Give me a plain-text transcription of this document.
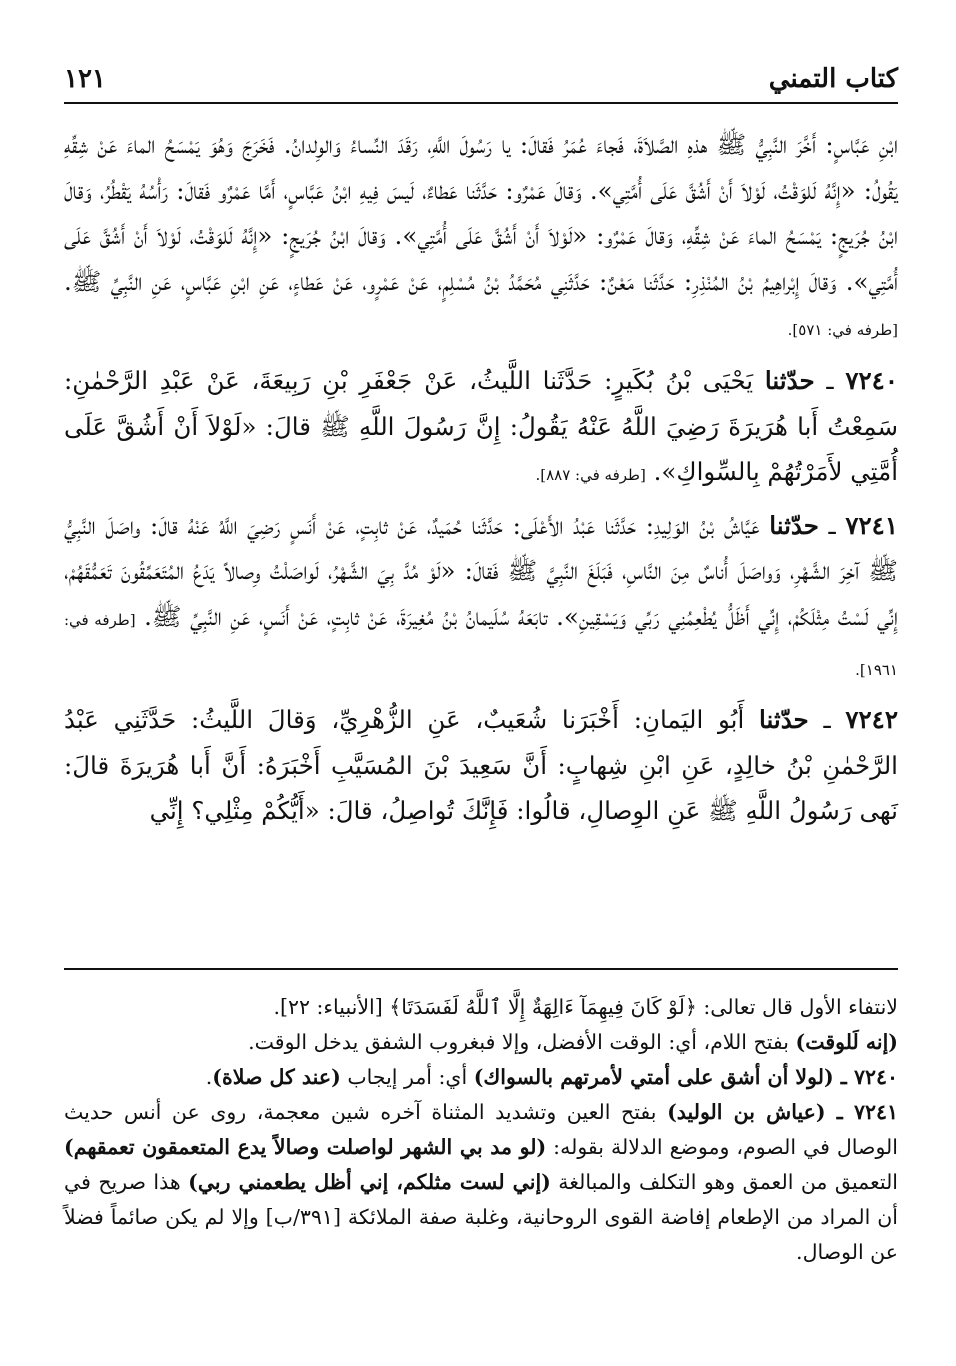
كتاب التمني
١٢١

ابْنِ عَبَّاسٍ: أَخَّرَ النَّبِيُّ ﷺ هذهِ الصَّلاَةَ، فَجاءَ عُمَرُ فَقالَ: يا رَسُولَ اللَّهِ، رَقَدَ النِّساءُ وَالوِلدانُ. فَخَرَجَ وَهُوَ يَمْسَحُ الماءَ عَنْ شِقِّهِ يَقُولُ: «إِنَّهُ لَلوَقْتُ، لَوْلاَ أَنْ أَشُقَّ عَلَى أُمَّتِي». وَقالَ عَمْرٌو: حَدَّثَنا عَطاءٌ، لَيسَ فِيهِ ابْنُ عَبَّاسٍ، أَمَّا عَمْرٌو فَقالَ: رَأْسُهُ يَقْطُرُ، وَقالَ ابْنُ جُرَيجٍ: يَمْسَحُ الماءَ عَنْ شِقِّهِ، وَقالَ عَمْرٌو: «لَوْلاَ أَنْ أَشُقَّ عَلَى أُمَّتِي». وَقالَ ابْنُ جُرَيجٍ: «إِنَّهُ لَلوَقْتُ، لَوْلاَ أَنْ أَشُقَّ عَلَى أُمَّتِي». وَقالَ إِبْراهِيمُ بْنُ المُنْذِرِ: حَدَّثَنا مَعْنٌ: حَدَّثَنِي مُحَمَّدُ بْنُ مُسْلِمٍ، عَنْ عَمْرٍو، عَنْ عَطاءٍ، عَنِ ابْنِ عَبَّاسٍ، عَنِ النَّبِيِّ ﷺ. [طرفه في: ٥٧١].

٧٢٤٠ ـ حدّثنا يَحْيَى بْنُ بُكَيرٍ: حَدَّثَنا اللَّيثُ، عَنْ جَعْفَرِ بْنِ رَبِيعَةَ، عَنْ عَبْدِ الرَّحْمٰنِ: سَمِعْتُ أَبا هُرَيرَةَ رَضِيَ اللَّهُ عَنْهُ يَقُولُ: إِنَّ رَسُولَ اللَّهِ ﷺ قالَ: «لَوْلاَ أَنْ أَشُقَّ عَلَى أُمَّتِي لأَمَرْتُهُمْ بِالسِّواكِ». [طرفه في: ٨٨٧].

٧٢٤١ ـ حدّثنا عَيَّاشُ بْنُ الوَلِيدِ: حَدَّثَنا عَبْدُ الأَعْلَى: حَدَّثَنا حُمَيدٌ، عَنْ ثابِتٍ، عَنْ أَنَسٍ رَضِيَ اللَّهُ عَنْهُ قالَ: واصَلَ النَّبِيُّ ﷺ آخِرَ الشَّهْرِ، وَواصَلَ أُناسٌ مِنَ النَّاسِ، فَبَلَغَ النَّبِيَّ ﷺ فَقالَ: «لَوْ مُدَّ بِيَ الشَّهْرُ، لَواصَلْتُ وِصالاً يَدَعُ المُتَعَمِّقُونَ تَعَمُّقَهُمْ، إِنِّي لَسْتُ مِثْلَكُمْ، إِنِّي أَظَلُّ يُطْعِمُنِي رَبِّي وَيَسْقِينِ». تابَعَهُ سُلَيمانُ بْنُ مُغِيرَةَ، عَنْ ثابِتٍ، عَنْ أَنَسٍ، عَنِ النَّبِيِّ ﷺ. [طرفه في: ١٩٦١].

٧٢٤٢ ـ حدّثنا أَبُو اليَمانِ: أَخْبَرَنا شُعَيبٌ، عَنِ الزُّهْرِيِّ، وَقالَ اللَّيثُ: حَدَّثَنِي عَبْدُ الرَّحْمٰنِ بْنُ خالِدٍ، عَنِ ابْنِ شِهابٍ: أَنَّ سَعِيدَ بْنَ المُسَيَّبِ أَخْبَرَهُ: أَنَّ أَبا هُرَيرَةَ قالَ: نَهى رَسُولُ اللَّهِ ﷺ عَنِ الوِصالِ، قالُوا: فَإِنَّكَ تُواصِلُ، قالَ: «أَيُّكُمْ مِثْلِي؟ إِنِّي

لانتفاء الأول قال تعالى: ﴿لَوْ كَانَ فِيهِمَآ ءَالِهَةٌ إِلَّا ٱللَّهُ لَفَسَدَتَا﴾ [الأنبياء: ٢٢].

(إنه لَلوقت) بفتح اللام، أي: الوقت الأفضل، وإلا فبغروب الشفق يدخل الوقت.

٧٢٤٠ ـ (لولا أن أشق على أمتي لأمرتهم بالسواك) أي: أمر إيجاب (عند كل صلاة).

٧٢٤١ ـ (عياش بن الوليد) بفتح العين وتشديد المثناة آخره شين معجمة، روى عن أنس حديث الوصال في الصوم، وموضع الدلالة بقوله: (لو مد بي الشهر لواصلت وصالاً يدع المتعمقون تعمقهم) التعميق من العمق وهو التكلف والمبالغة (إني لست مثلكم، إني أظل يطعمني ربي) هذا صريح في أن المراد من الإطعام إفاضة القوى الروحانية، وغلبة صفة الملائكة [٣٩١/ب] وإلا لم يكن صائماً فضلاً عن الوصال.
